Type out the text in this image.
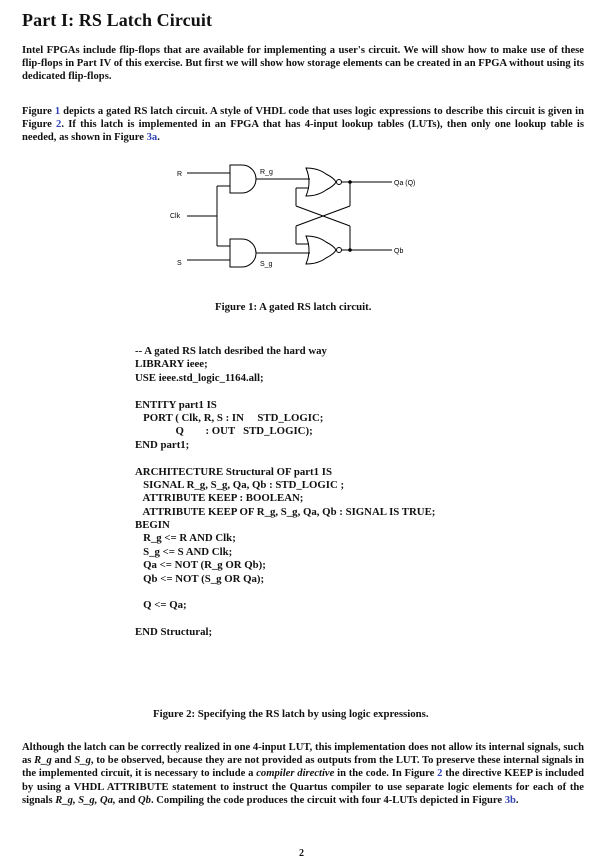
Part I: RS Latch Circuit

Intel FPGAs include flip-flops that are available for implementing a user's circuit. We will show how to make use of these flip-flops in Part IV of this exercise. But first we will show how storage elements can be created in an FPGA without using its dedicated flip-flops.

Figure 1 depicts a gated RS latch circuit. A style of VHDL code that uses logic expressions to describe this circuit is given in Figure 2. If this latch is implemented in an FPGA that has 4-input lookup tables (LUTs), then only one lookup table is needed, as shown in Figure 3a.

R
Clk
S
R_g
S_g
Qa (Q)
Qb

Figure 1: A gated RS latch circuit.

-- A gated RS latch desribed the hard way
LIBRARY ieee;
USE ieee.std_logic_1164.all;
ENTITY part1 IS
PORT ( Clk, R, S : IN     STD_LOGIC;
Q        : OUT   STD_LOGIC);
END part1;
ARCHITECTURE Structural OF part1 IS
SIGNAL R_g, S_g, Qa, Qb : STD_LOGIC ;
ATTRIBUTE KEEP : BOOLEAN;
ATTRIBUTE KEEP OF R_g, S_g, Qa, Qb : SIGNAL IS TRUE;
BEGIN
R_g <= R AND Clk;
S_g <= S AND Clk;
Qa <= NOT (R_g OR Qb);
Qb <= NOT (S_g OR Qa);
Q <= Qa;
END Structural;

Figure 2: Specifying the RS latch by using logic expressions.

Although the latch can be correctly realized in one 4-input LUT, this implementation does not allow its internal signals, such as R_g and S_g, to be observed, because they are not provided as outputs from the LUT. To preserve these internal signals in the implemented circuit, it is necessary to include a compiler directive in the code. In Figure 2 the directive KEEP is included by using a VHDL ATTRIBUTE statement to instruct the Quartus compiler to use separate logic elements for each of the signals R_g, S_g, Qa, and Qb. Compiling the code produces the circuit with four 4-LUTs depicted in Figure 3b.

2
